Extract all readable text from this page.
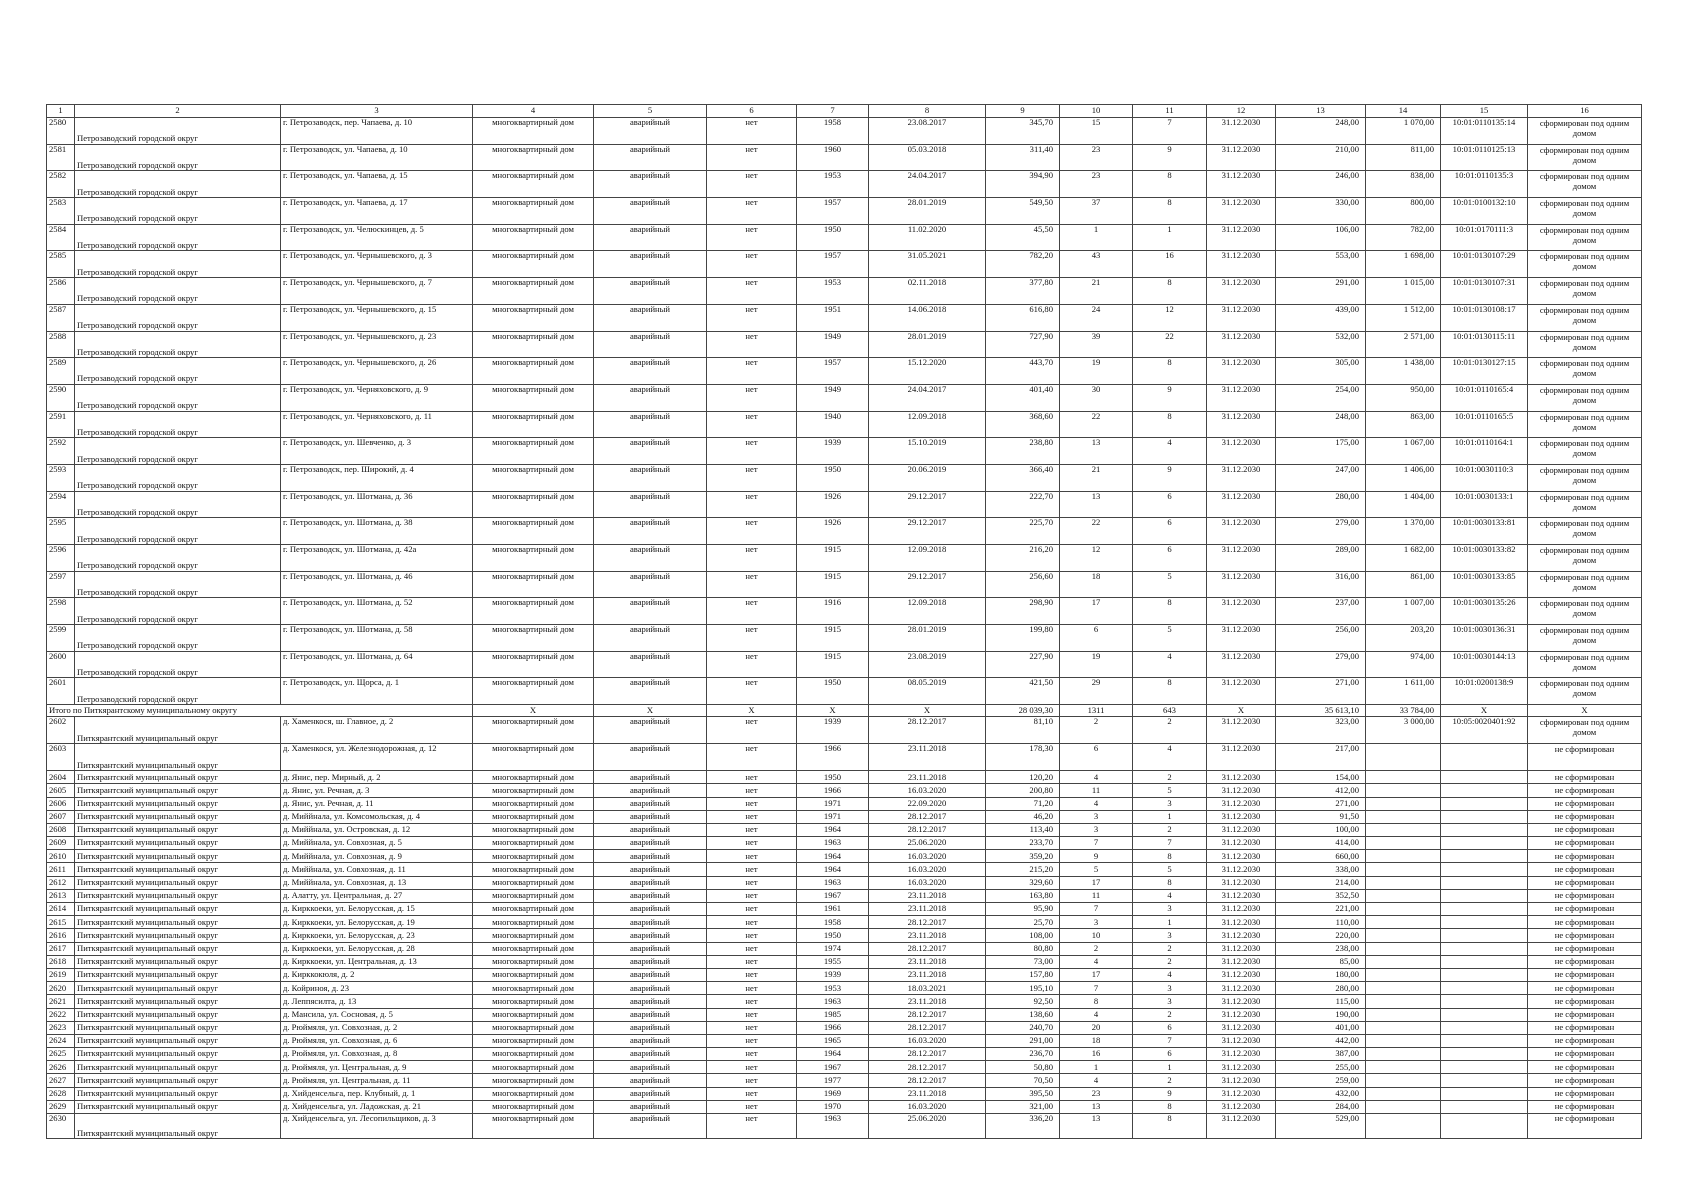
1	2	3	4	5	6	7	8	9	10	11	12	13	14	15	16
2580	Петрозаводский городской округ	г. Петрозаводск, пер. Чапаева, д. 10	многоквартирный дом	аварийный	нет	1958	23.08.2017	345,70	15	7	31.12.2030	248,00	1 070,00	10:01:0110135:14	сформирован под одним домом
2581	Петрозаводский городской округ	г. Петрозаводск, ул. Чапаева, д. 10	многоквартирный дом	аварийный	нет	1960	05.03.2018	311,40	23	9	31.12.2030	210,00	811,00	10:01:0110125:13	сформирован под одним домом
2582	Петрозаводский городской округ	г. Петрозаводск, ул. Чапаева, д. 15	многоквартирный дом	аварийный	нет	1953	24.04.2017	394,90	23	8	31.12.2030	246,00	838,00	10:01:0110135:3	сформирован под одним домом
2583	Петрозаводский городской округ	г. Петрозаводск, ул. Чапаева, д. 17	многоквартирный дом	аварийный	нет	1957	28.01.2019	549,50	37	8	31.12.2030	330,00	800,00	10:01:0100132:10	сформирован под одним домом
2584	Петрозаводский городской округ	г. Петрозаводск, ул. Челюскинцев, д. 5	многоквартирный дом	аварийный	нет	1950	11.02.2020	45,50	1	1	31.12.2030	106,00	782,00	10:01:0170111:3	сформирован под одним домом
2585	Петрозаводский городской округ	г. Петрозаводск, ул. Чернышевского, д. 3	многоквартирный дом	аварийный	нет	1957	31.05.2021	782,20	43	16	31.12.2030	553,00	1 698,00	10:01:0130107:29	сформирован под одним домом
2586	Петрозаводский городской округ	г. Петрозаводск, ул. Чернышевского, д. 7	многоквартирный дом	аварийный	нет	1953	02.11.2018	377,80	21	8	31.12.2030	291,00	1 015,00	10:01:0130107:31	сформирован под одним домом
2587	Петрозаводский городской округ	г. Петрозаводск, ул. Чернышевского, д. 15	многоквартирный дом	аварийный	нет	1951	14.06.2018	616,80	24	12	31.12.2030	439,00	1 512,00	10:01:0130108:17	сформирован под одним домом
2588	Петрозаводский городской округ	г. Петрозаводск, ул. Чернышевского, д. 23	многоквартирный дом	аварийный	нет	1949	28.01.2019	727,90	39	22	31.12.2030	532,00	2 571,00	10:01:0130115:11	сформирован под одним домом
2589	Петрозаводский городской округ	г. Петрозаводск, ул. Чернышевского, д. 26	многоквартирный дом	аварийный	нет	1957	15.12.2020	443,70	19	8	31.12.2030	305,00	1 438,00	10:01:0130127:15	сформирован под одним домом
2590	Петрозаводский городской округ	г. Петрозаводск, ул. Черняховского, д. 9	многоквартирный дом	аварийный	нет	1949	24.04.2017	401,40	30	9	31.12.2030	254,00	950,00	10:01:0110165:4	сформирован под одним домом
2591	Петрозаводский городской округ	г. Петрозаводск, ул. Черняховского, д. 11	многоквартирный дом	аварийный	нет	1940	12.09.2018	368,60	22	8	31.12.2030	248,00	863,00	10:01:0110165:5	сформирован под одним домом
2592	Петрозаводский городской округ	г. Петрозаводск, ул. Шевченко, д. 3	многоквартирный дом	аварийный	нет	1939	15.10.2019	238,80	13	4	31.12.2030	175,00	1 067,00	10:01:0110164:1	сформирован под одним домом
2593	Петрозаводский городской округ	г. Петрозаводск, пер. Широкий, д. 4	многоквартирный дом	аварийный	нет	1950	20.06.2019	366,40	21	9	31.12.2030	247,00	1 406,00	10:01:0030110:3	сформирован под одним домом
2594	Петрозаводский городской округ	г. Петрозаводск, ул. Шотмана, д. 36	многоквартирный дом	аварийный	нет	1926	29.12.2017	222,70	13	6	31.12.2030	280,00	1 404,00	10:01:0030133:1	сформирован под одним домом
2595	Петрозаводский городской округ	г. Петрозаводск, ул. Шотмана, д. 38	многоквартирный дом	аварийный	нет	1926	29.12.2017	225,70	22	6	31.12.2030	279,00	1 370,00	10:01:0030133:81	сформирован под одним домом
2596	Петрозаводский городской округ	г. Петрозаводск, ул. Шотмана, д. 42а	многоквартирный дом	аварийный	нет	1915	12.09.2018	216,20	12	6	31.12.2030	289,00	1 682,00	10:01:0030133:82	сформирован под одним домом
2597	Петрозаводский городской округ	г. Петрозаводск, ул. Шотмана, д. 46	многоквартирный дом	аварийный	нет	1915	29.12.2017	256,60	18	5	31.12.2030	316,00	861,00	10:01:0030133:85	сформирован под одним домом
2598	Петрозаводский городской округ	г. Петрозаводск, ул. Шотмана, д. 52	многоквартирный дом	аварийный	нет	1916	12.09.2018	298,90	17	8	31.12.2030	237,00	1 007,00	10:01:0030135:26	сформирован под одним домом
2599	Петрозаводский городской округ	г. Петрозаводск, ул. Шотмана, д. 58	многоквартирный дом	аварийный	нет	1915	28.01.2019	199,80	6	5	31.12.2030	256,00	203,20	10:01:0030136:31	сформирован под одним домом
2600	Петрозаводский городской округ	г. Петрозаводск, ул. Шотмана, д. 64	многоквартирный дом	аварийный	нет	1915	23.08.2019	227,90	19	4	31.12.2030	279,00	974,00	10:01:0030144:13	сформирован под одним домом
2601	Петрозаводский городской округ	г. Петрозаводск, ул. Щорса, д. 1	многоквартирный дом	аварийный	нет	1950	08.05.2019	421,50	29	8	31.12.2030	271,00	1 611,00	10:01:0200138:9	сформирован под одним домом
Итого по Питкярантскому муниципальному округу			Х	Х	Х	Х	Х	28 039,30	1311	643	Х	35 613,10	33 784,00	Х	Х
2602	Питкярантский муниципальный округ	д. Хаменкося, ш. Главное, д. 2	многоквартирный дом	аварийный	нет	1939	28.12.2017	81,10	2	2	31.12.2030	323,00	3 000,00	10:05:0020401:92	сформирован под одним домом
2603	Питкярантский муниципальный округ	д. Хаменкося, ул. Железнодорожная, д. 12	многоквартирный дом	аварийный	нет	1966	23.11.2018	178,30	6	4	31.12.2030	217,00			не сформирован
2604	Питкярантский муниципальный округ	д. Янис, пер. Мирный, д. 2	многоквартирный дом	аварийный	нет	1950	23.11.2018	120,20	4	2	31.12.2030	154,00			не сформирован
2605	Питкярантский муниципальный округ	д. Янис, ул. Речная, д. 3	многоквартирный дом	аварийный	нет	1966	16.03.2020	200,80	11	5	31.12.2030	412,00			не сформирован
2606	Питкярантский муниципальный округ	д. Янис, ул. Речная, д. 11	многоквартирный дом	аварийный	нет	1971	22.09.2020	71,20	4	3	31.12.2030	271,00			не сформирован
2607	Питкярантский муниципальный округ	д. Миййнала, ул. Комсомольская, д. 4	многоквартирный дом	аварийный	нет	1971	28.12.2017	46,20	3	1	31.12.2030	91,50			не сформирован
2608	Питкярантский муниципальный округ	д. Миййнала, ул. Островская, д. 12	многоквартирный дом	аварийный	нет	1964	28.12.2017	113,40	3	2	31.12.2030	100,00			не сформирован
2609	Питкярантский муниципальный округ	д. Миййнала, ул. Совхозная, д. 5	многоквартирный дом	аварийный	нет	1963	25.06.2020	233,70	7	7	31.12.2030	414,00			не сформирован
2610	Питкярантский муниципальный округ	д. Миййнала, ул. Совхозная, д. 9	многоквартирный дом	аварийный	нет	1964	16.03.2020	359,20	9	8	31.12.2030	660,00			не сформирован
2611	Питкярантский муниципальный округ	д. Миййнала, ул. Совхозная, д. 11	многоквартирный дом	аварийный	нет	1964	16.03.2020	215,20	5	5	31.12.2030	338,00			не сформирован
2612	Питкярантский муниципальный округ	д. Миййнала, ул. Совхозная, д. 13	многоквартирный дом	аварийный	нет	1963	16.03.2020	329,60	17	8	31.12.2030	214,00			не сформирован
2613	Питкярантский муниципальный округ	д. Алатту, ул. Центральная, д. 27	многоквартирный дом	аварийный	нет	1967	23.11.2018	163,80	11	4	31.12.2030	352,50			не сформирован
2614	Питкярантский муниципальный округ	д. Кирккоеки, ул. Белорусская, д. 15	многоквартирный дом	аварийный	нет	1961	23.11.2018	95,90	7	3	31.12.2030	221,00			не сформирован
2615	Питкярантский муниципальный округ	д. Кирккоеки, ул. Белорусская, д. 19	многоквартирный дом	аварийный	нет	1958	28.12.2017	25,70	3	1	31.12.2030	110,00			не сформирован
2616	Питкярантский муниципальный округ	д. Кирккоеки, ул. Белорусская, д. 23	многоквартирный дом	аварийный	нет	1950	23.11.2018	108,00	10	3	31.12.2030	220,00			не сформирован
2617	Питкярантский муниципальный округ	д. Кирккоеки, ул. Белорусская, д. 28	многоквартирный дом	аварийный	нет	1974	28.12.2017	80,80	2	2	31.12.2030	238,00			не сформирован
2618	Питкярантский муниципальный округ	д. Кирккоеки, ул. Центральная, д. 13	многоквартирный дом	аварийный	нет	1955	23.11.2018	73,00	4	2	31.12.2030	85,00			не сформирован
2619	Питкярантский муниципальный округ	д. Кирккокюля, д. 2	многоквартирный дом	аварийный	нет	1939	23.11.2018	157,80	17	4	31.12.2030	180,00			не сформирован
2620	Питкярантский муниципальный округ	д. Койриноя, д. 23	многоквартирный дом	аварийный	нет	1953	18.03.2021	195,10	7	3	31.12.2030	280,00			не сформирован
2621	Питкярантский муниципальный округ	д. Леппясилта, д. 13	многоквартирный дом	аварийный	нет	1963	23.11.2018	92,50	8	3	31.12.2030	115,00			не сформирован
2622	Питкярантский муниципальный округ	д. Мансила, ул. Сосновая, д. 5	многоквартирный дом	аварийный	нет	1985	28.12.2017	138,60	4	2	31.12.2030	190,00			не сформирован
2623	Питкярантский муниципальный округ	д. Рюймяля, ул. Совхозная, д. 2	многоквартирный дом	аварийный	нет	1966	28.12.2017	240,70	20	6	31.12.2030	401,00			не сформирован
2624	Питкярантский муниципальный округ	д. Рюймяля, ул. Совхозная, д. 6	многоквартирный дом	аварийный	нет	1965	16.03.2020	291,00	18	7	31.12.2030	442,00			не сформирован
2625	Питкярантский муниципальный округ	д. Рюймяля, ул. Совхозная, д. 8	многоквартирный дом	аварийный	нет	1964	28.12.2017	236,70	16	6	31.12.2030	387,00			не сформирован
2626	Питкярантский муниципальный округ	д. Рюймяля, ул. Центральная, д. 9	многоквартирный дом	аварийный	нет	1967	28.12.2017	50,80	1	1	31.12.2030	255,00			не сформирован
2627	Питкярантский муниципальный округ	д. Рюймяля, ул. Центральная, д. 11	многоквартирный дом	аварийный	нет	1977	28.12.2017	70,50	4	2	31.12.2030	259,00			не сформирован
2628	Питкярантский муниципальный округ	д. Хийденсельга, пер. Клубный, д. 1	многоквартирный дом	аварийный	нет	1969	23.11.2018	395,50	23	9	31.12.2030	432,00			не сформирован
2629	Питкярантский муниципальный округ	д. Хийденсельга, ул. Ладожская, д. 21	многоквартирный дом	аварийный	нет	1970	16.03.2020	321,00	13	8	31.12.2030	284,00			не сформирован
2630	Питкярантский муниципальный округ	д. Хийденсельга, ул. Лесопильщиков, д. 3	многоквартирный дом	аварийный	нет	1963	25.06.2020	336,20	13	8	31.12.2030	529,00			не сформирован
